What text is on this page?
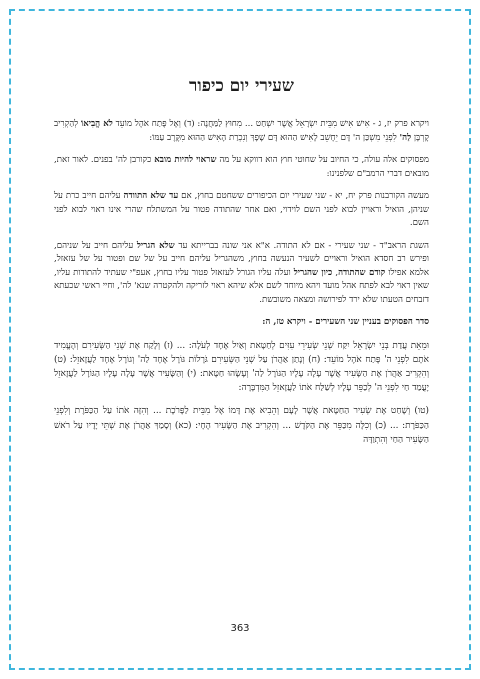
שעירי יום כיפור

ויקרא פרק יז, ג - אִישׁ אִישׁ מִבֵּית יִשְׂרָאֵל אֲשֶׁר יִשְׁחַט ... מִחוּץ לַמַּחֲנֶה: (ד) וְאֶל פֶּתַח אֹהֶל מוֹעֵד לֹא הֱבִיאוֹ לְהַקְרִיב קָרְבָּן לַה' לִפְנֵי מִשְׁכַּן ה' דָּם יֵחָשֵׁב לָאִישׁ הַהוּא דָּם שָׁפָךְ וְנִכְרַת הָאִישׁ הַהוּא מִקֶּרֶב עַמּוֹ:

מפסוקים אלה עולה, כי החיוב על שחוטי חוץ הוא דווקא על מה שראוי להיות מובא כקורבן לה' בפנים. לאור זאת, מובאים דברי הרמב"ם שלפנינו:

מעשה הקורבנות פרק יח, יא - שני שעירי יום הכיפורים ששחטם בחוץ, אם עד שלא התוודה עליהם חייב כרת על שניהן, הואיל וראויין לבוא לפני השם לוידוי, ואם אחר שהתודה פטור על המשתלח שהרי אינו ראוי לבוא לפני השם.

השגת הראב"ד - שני שעירי - אם לא התודה. א"א אני שונה בברייתא עד שלא הגריל עליהם חייב על שניהם, ופירש רב חסדא הואיל וראויים לשעיר הנעשה בחוץ, משהגריל עליהם חייב על של שם ופטור על של עזאזל, אלמא אפילו קודם שהתודה, כיון שהגריל ועלה עליו הגורל לעזאזל פטור עליו בחוץ, אעפ"י שעתיד להתודות עליו, שאין ראוי לבא לפתח אהל מועד ויהא מיוחד לשם אלא שיהא ראוי לזריקה ולהקטרה שנא' לה', וחיי ראשי שכעתא דזבחים הטעתו שלא ירד לפירושה ומצאה משובשת.

סדר הפסוקים בעניין שני השעירים - ויקרא טז, ה:

וּמֵאֵת עֲדַת בְּנֵי יִשְׂרָאֵל יִקַּח שְׁנֵי שְׂעִירֵי עִזִּים לְחַטָּאת וְאַיִל אֶחָד לְעֹלָה: ... (ז) וְלָקַח אֶת שְׁנֵי הַשְּׂעִירִם וְהֶעֱמִיד אֹתָם לִפְנֵי ה' פֶּתַח אֹהֶל מוֹעֵד: (ח) וְנָתַן אַהֲרֹן עַל שְׁנֵי הַשְּׂעִירִם גֹּרָלוֹת גּוֹרָל אֶחָד לַה' וְגוֹרָל אֶחָד לַעֲזָאזֵל: (ט) וְהִקְרִיב אַהֲרֹן אֶת הַשָּׂעִיר אֲשֶׁר עָלָה עָלָיו הַגּוֹרָל לַה' וְעָשָׂהוּ חַטָּאת: (י) וְהַשָּׂעִיר אֲשֶׁר עָלָה עָלָיו הַגּוֹרָל לַעֲזָאזֵל יָעֳמַד חַי לִפְנֵי ה' לְכַפֵּר עָלָיו לְשַׁלַּח אֹתוֹ לַעֲזָאזֵל הַמִּדְבָּרָה:

(טו) וְשָׁחַט אֶת שְׂעִיר הַחַטָּאת אֲשֶׁר לָעָם וְהֵבִיא אֶת דָּמוֹ אֶל מִבֵּית לַפָּרֹכֶת ... וְהִזָּה אֹתוֹ עַל הַכַּפֹּרֶת וְלִפְנֵי הַכַּפֹּרֶת: ... (כ) וְכִלָּה מִכַּפֵּר אֶת הַקֹּדֶשׁ ... וְהִקְרִיב אֶת הַשָּׂעִיר הֶחָי: (כא) וְסָמַךְ אַהֲרֹן אֶת שְׁתֵּי יָדָיו עַל רֹאשׁ הַשָּׂעִיר הַחַי וְהִתְוַדָּה

363
